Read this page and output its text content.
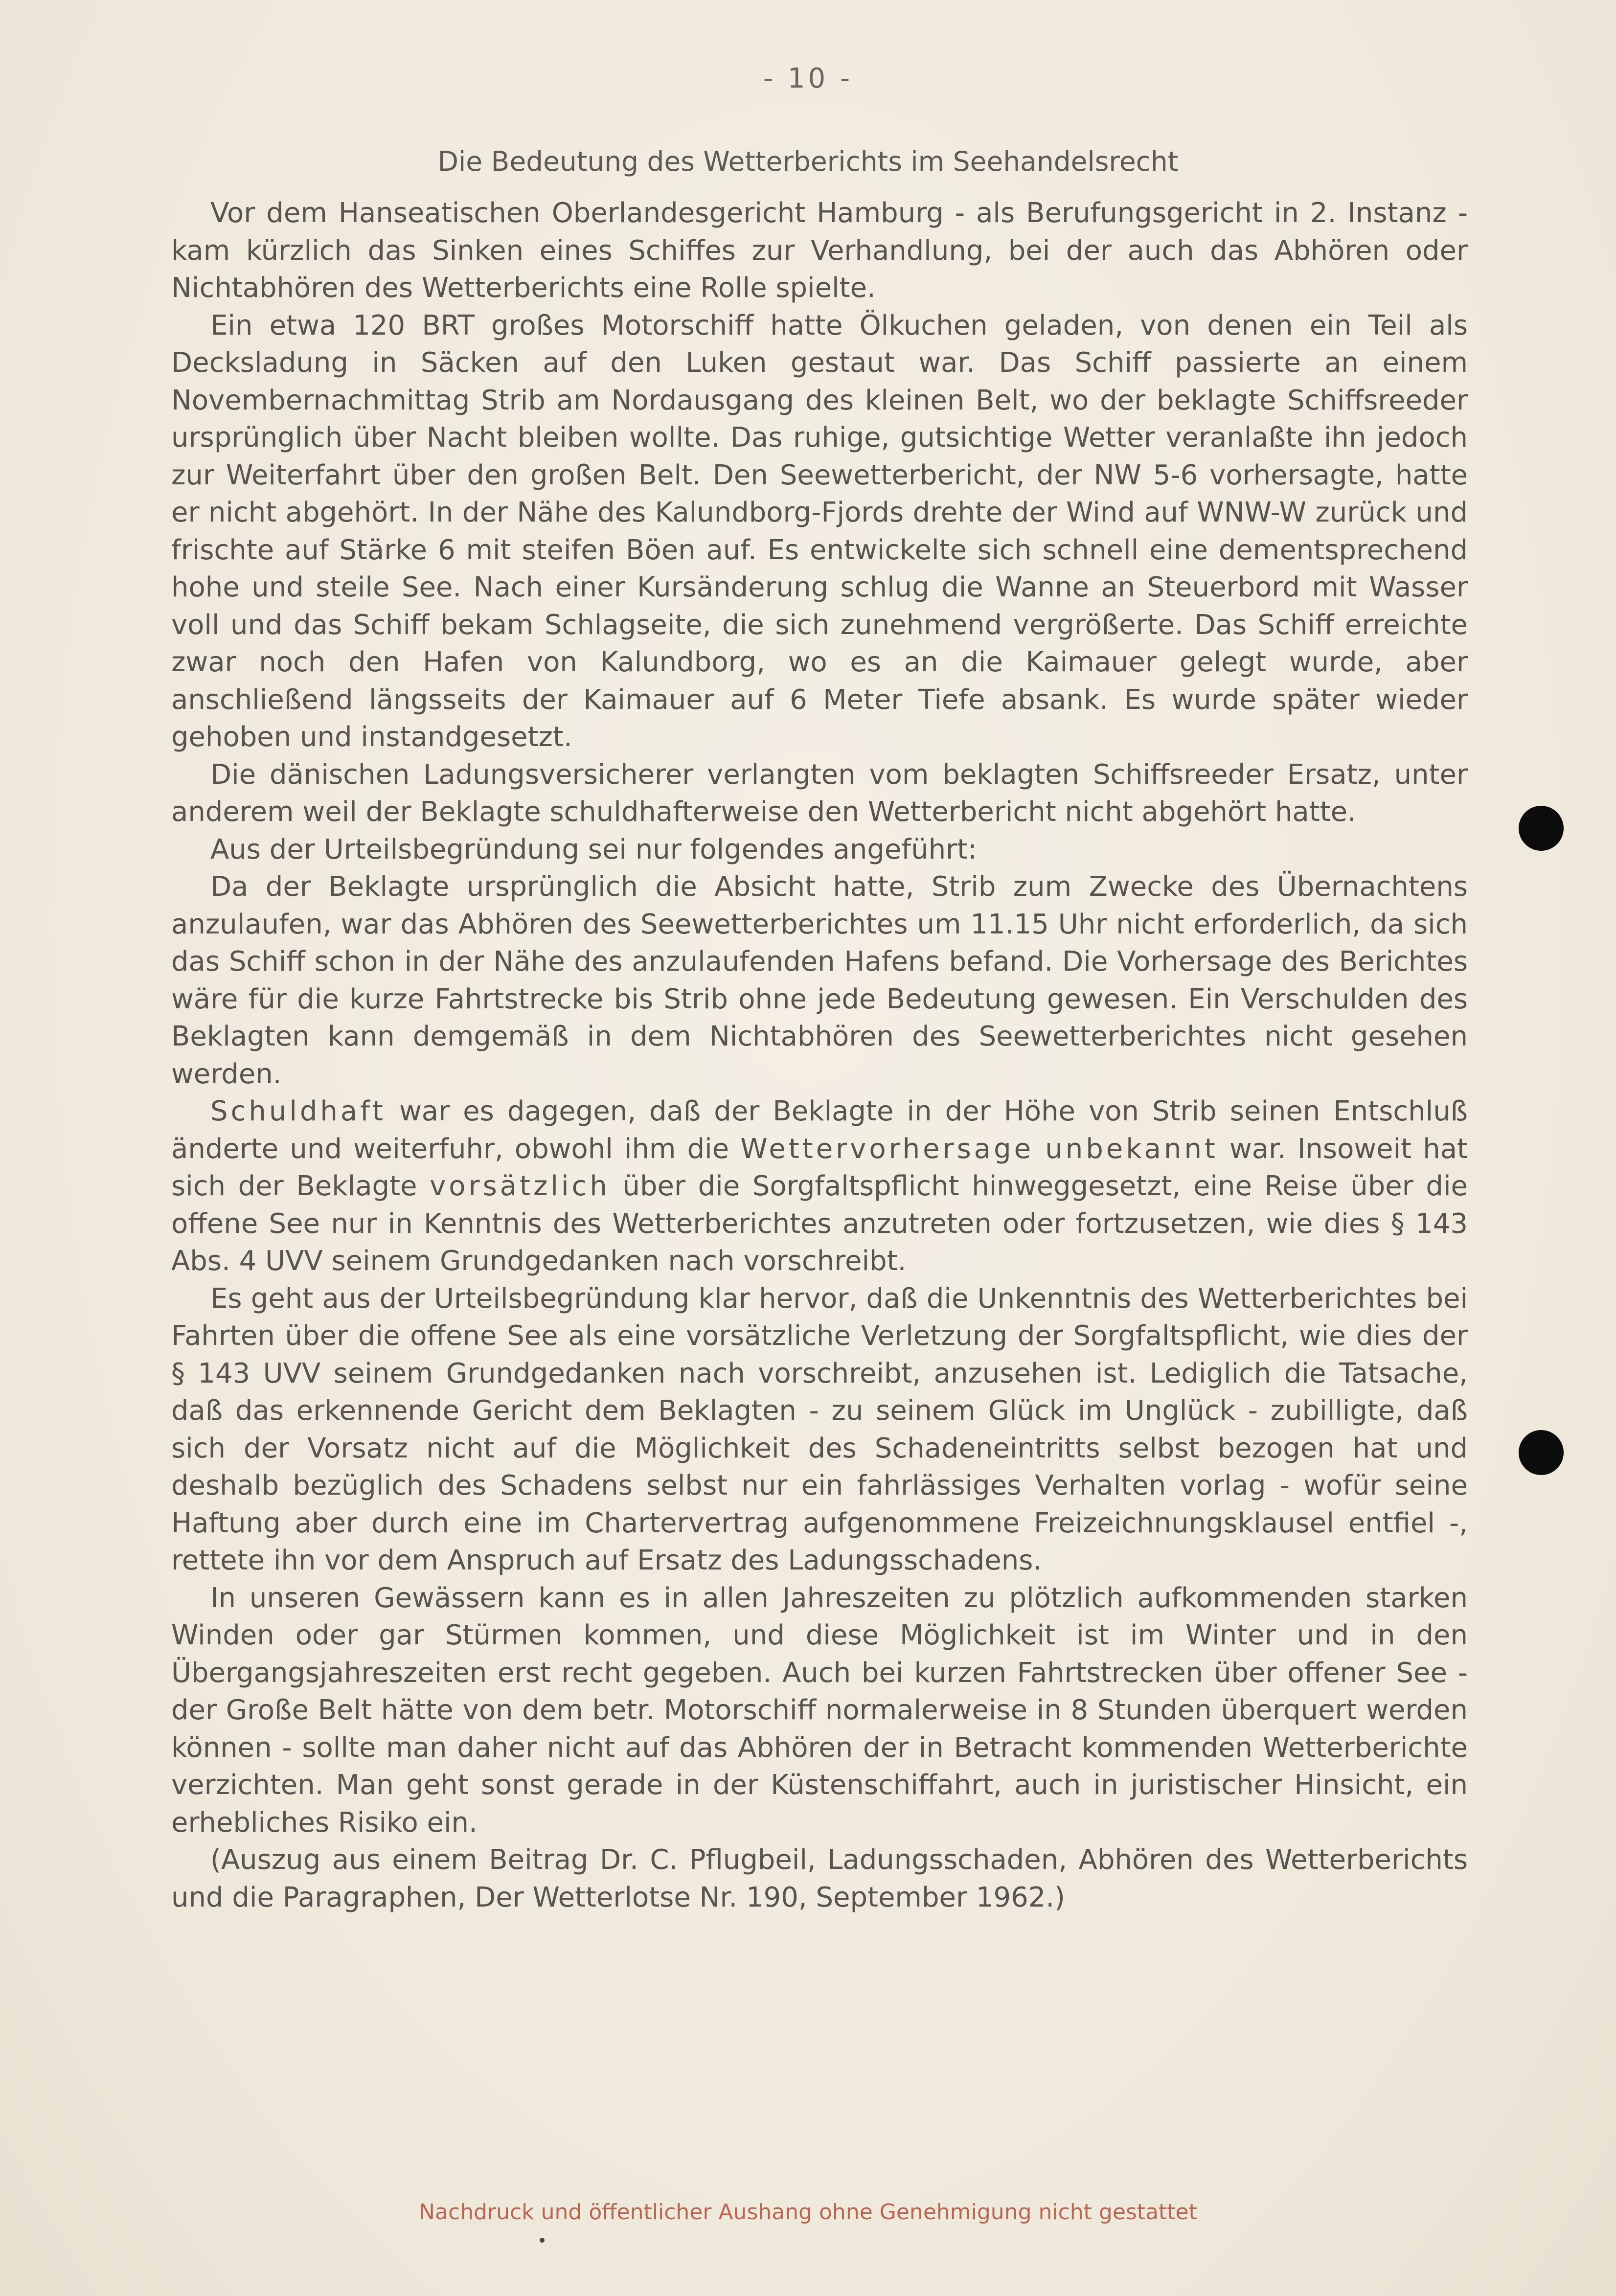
- 10 -
Die Bedeutung des Wetterberichts im Seehandelsrecht

Vor dem Hanseatischen Oberlandesgericht Hamburg - als Berufungsgericht in 2. Instanz - kam kürzlich das Sinken eines Schiffes zur Verhandlung, bei der auch das Abhören oder Nichtabhören des Wetterberichts eine Rolle spielte.

Ein etwa 120 BRT großes Motorschiff hatte Ölkuchen geladen, von denen ein Teil als Decksladung in Säcken auf den Luken gestaut war. Das Schiff passierte an einem Novembernachmittag Strib am Nordausgang des kleinen Belt, wo der beklagte Schiffsreeder ursprünglich über Nacht bleiben wollte. Das ruhige, gutsichtige Wetter veranlaßte ihn jedoch zur Weiterfahrt über den großen Belt. Den Seewetterbericht, der NW 5-6 vorhersagte, hatte er nicht abgehört. In der Nähe des Kalundborg-Fjords drehte der Wind auf WNW-W zurück und frischte auf Stärke 6 mit steifen Böen auf. Es entwickelte sich schnell eine dementsprechend hohe und steile See. Nach einer Kursänderung schlug die Wanne an Steuerbord mit Wasser voll und das Schiff bekam Schlagseite, die sich zunehmend vergrößerte. Das Schiff erreichte zwar noch den Hafen von Kalundborg, wo es an die Kaimauer gelegt wurde, aber anschließend längsseits der Kaimauer auf 6 Meter Tiefe absank. Es wurde später wieder gehoben und instandgesetzt.

Die dänischen Ladungsversicherer verlangten vom beklagten Schiffsreeder Ersatz, unter anderem weil der Beklagte schuldhafterweise den Wetterbericht nicht abgehört hatte.

Aus der Urteilsbegründung sei nur folgendes angeführt:

Da der Beklagte ursprünglich die Absicht hatte, Strib zum Zwecke des Übernachtens anzulaufen, war das Abhören des Seewetterberichtes um 11.15 Uhr nicht erforderlich, da sich das Schiff schon in der Nähe des anzulaufenden Hafens befand. Die Vorhersage des Berichtes wäre für die kurze Fahrtstrecke bis Strib ohne jede Bedeutung gewesen. Ein Verschulden des Beklagten kann demgemäß in dem Nichtabhören des Seewetterberichtes nicht gesehen werden.

Schuldhaft war es dagegen, daß der Beklagte in der Höhe von Strib seinen Entschluß änderte und weiterfuhr, obwohl ihm die Wettervorhersage unbekannt war. Insoweit hat sich der Beklagte vorsätzlich über die Sorgfaltspflicht hinweggesetzt, eine Reise über die offene See nur in Kenntnis des Wetterberichtes anzutreten oder fortzusetzen, wie dies § 143 Abs. 4 UVV seinem Grundgedanken nach vorschreibt.

Es geht aus der Urteilsbegründung klar hervor, daß die Unkenntnis des Wetterberichtes bei Fahrten über die offene See als eine vorsätzliche Verletzung der Sorgfaltspflicht, wie dies der § 143 UVV seinem Grundgedanken nach vorschreibt, anzusehen ist. Lediglich die Tatsache, daß das erkennende Gericht dem Beklagten - zu seinem Glück im Unglück - zubilligte, daß sich der Vorsatz nicht auf die Möglichkeit des Schadeneintritts selbst bezogen hat und deshalb bezüglich des Schadens selbst nur ein fahrlässiges Verhalten vorlag - wofür seine Haftung aber durch eine im Chartervertrag aufgenommene Freizeichnungsklausel entfiel -, rettete ihn vor dem Anspruch auf Ersatz des Ladungsschadens.

In unseren Gewässern kann es in allen Jahreszeiten zu plötzlich aufkommenden starken Winden oder gar Stürmen kommen, und diese Möglichkeit ist im Winter und in den Übergangsjahreszeiten erst recht gegeben. Auch bei kurzen Fahrtstrecken über offener See - der Große Belt hätte von dem betr. Motorschiff normalerweise in 8 Stunden überquert werden können - sollte man daher nicht auf das Abhören der in Betracht kommenden Wetterberichte verzichten. Man geht sonst gerade in der Küstenschiffahrt, auch in juristischer Hinsicht, ein erhebliches Risiko ein.

(Auszug aus einem Beitrag Dr. C. Pflugbeil, Ladungsschaden, Abhören des Wetterberichts und die Paragraphen, Der Wetterlotse Nr. 190, September 1962.)

Nachdruck und öffentlicher Aushang ohne Genehmigung nicht gestattet
